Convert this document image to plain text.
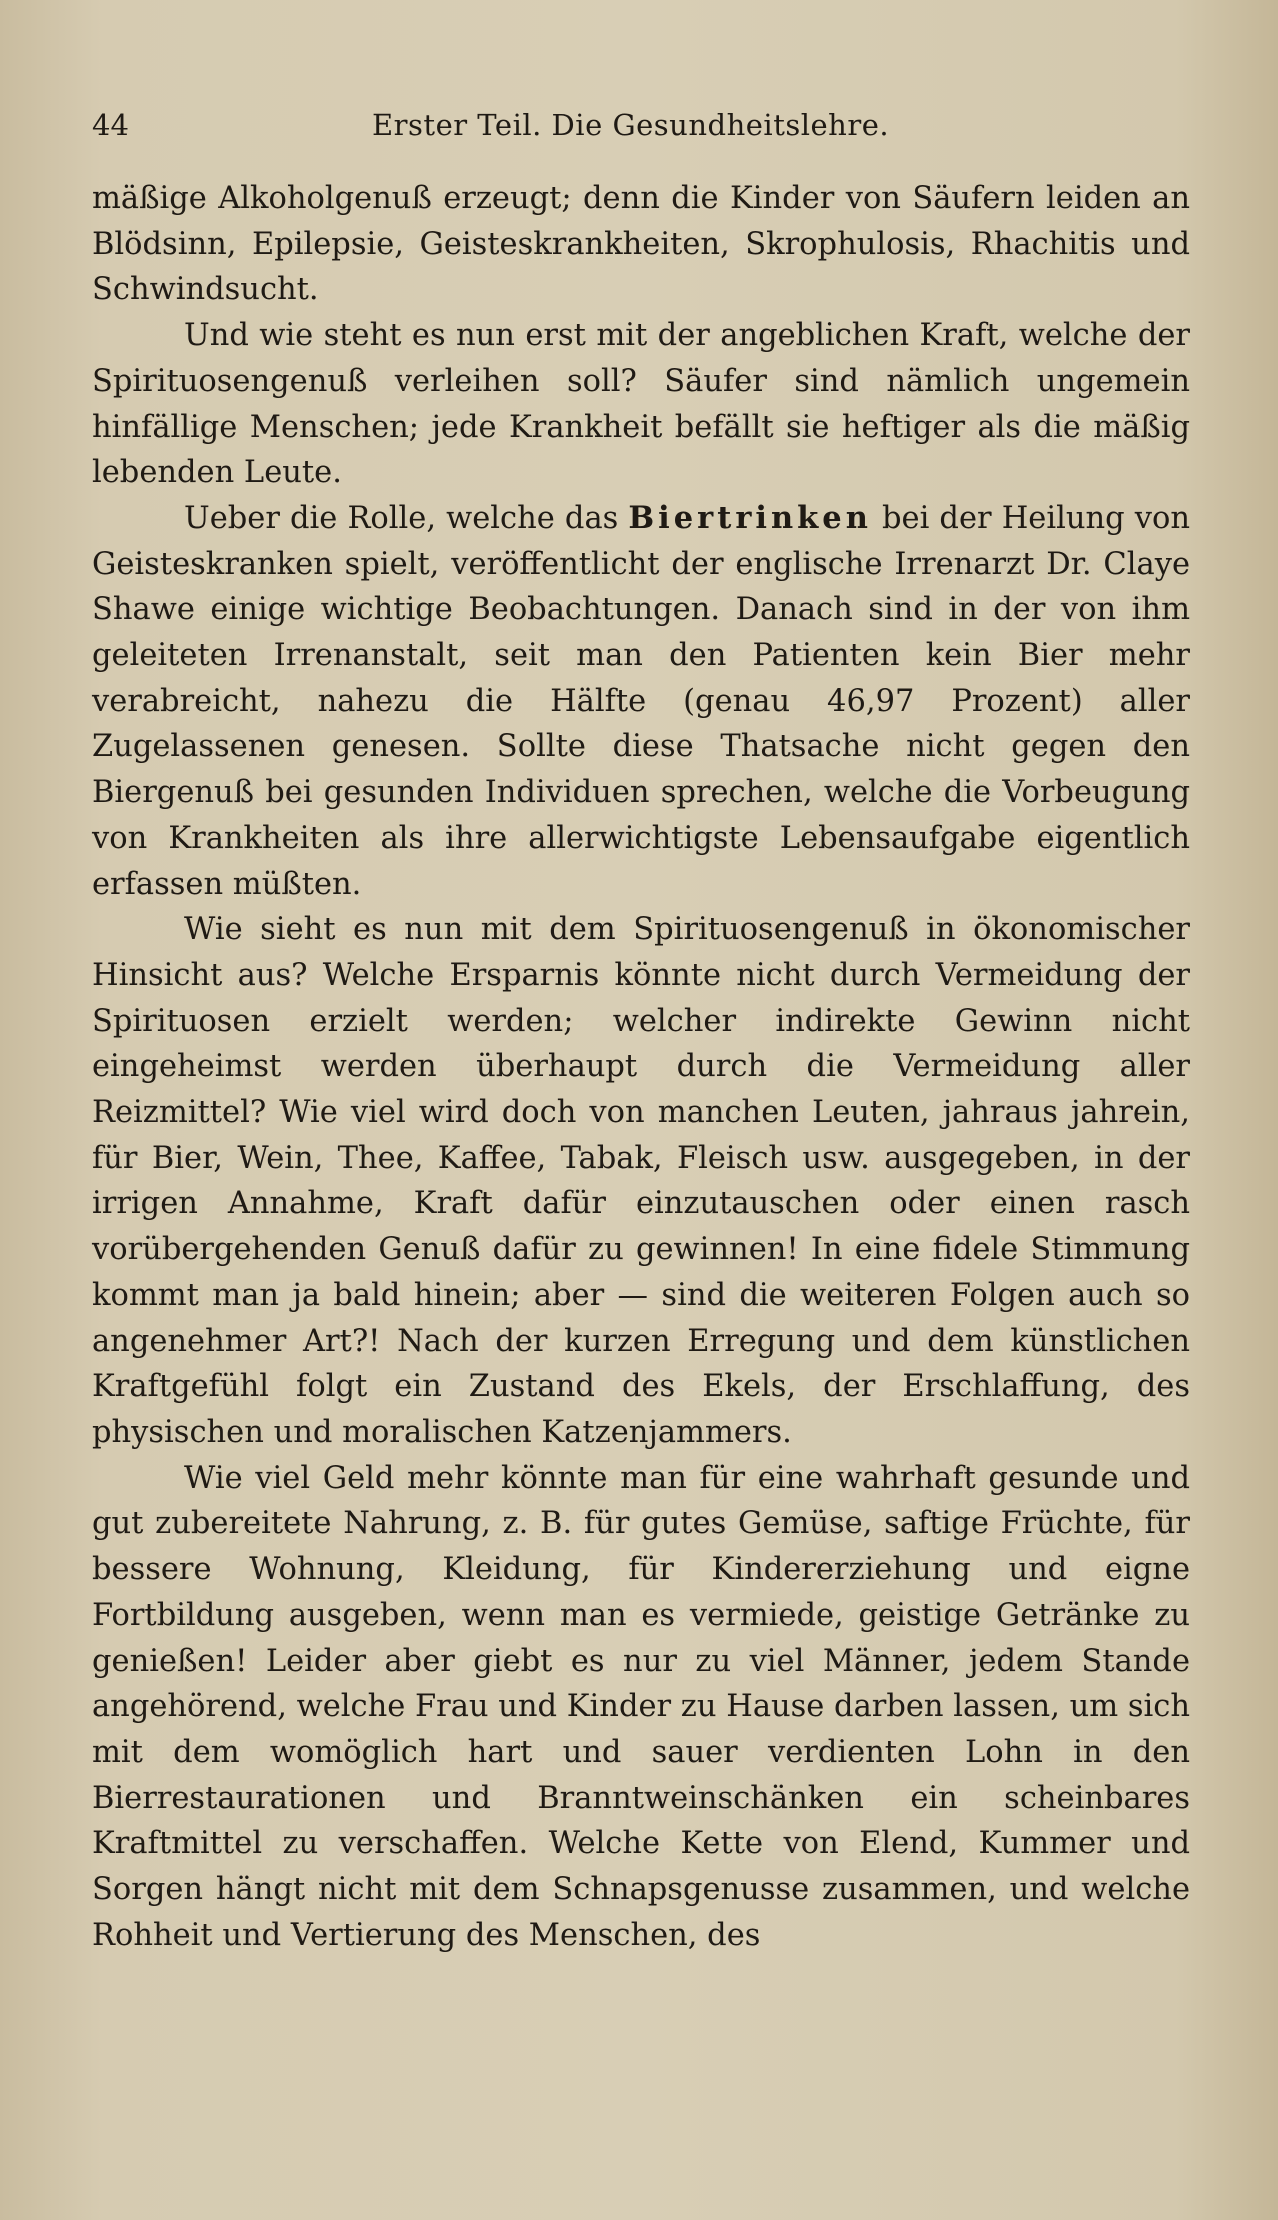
44	Erster Teil. Die Gesundheitslehre.

mäßige Alkoholgenuß erzeugt; denn die Kinder von Säufern leiden an Blödsinn, Epilepsie, Geisteskrankheiten, Skrophulosis, Rhachitis und Schwindsucht.

Und wie steht es nun erst mit der angeblichen Kraft, welche der Spirituosengenuß verleihen soll? Säufer sind nämlich ungemein hinfällige Menschen; jede Krankheit befällt sie heftiger als die mäßig lebenden Leute.

Ueber die Rolle, welche das Biertrinken bei der Heilung von Geisteskranken spielt, veröffentlicht der englische Irrenarzt Dr. Claye Shawe einige wichtige Beobachtungen. Danach sind in der von ihm geleiteten Irrenanstalt, seit man den Patienten kein Bier mehr verabreicht, nahezu die Hälfte (genau 46,97 Prozent) aller Zugelassenen genesen. Sollte diese Thatsache nicht gegen den Biergenuß bei gesunden Individuen sprechen, welche die Vorbeugung von Krankheiten als ihre allerwichtigste Lebensaufgabe eigentlich erfassen müßten.

Wie sieht es nun mit dem Spirituosengenuß in ökonomischer Hinsicht aus? Welche Ersparnis könnte nicht durch Vermeidung der Spirituosen erzielt werden; welcher indirekte Gewinn nicht eingeheimst werden überhaupt durch die Vermeidung aller Reizmittel? Wie viel wird doch von manchen Leuten, jahraus jahrein, für Bier, Wein, Thee, Kaffee, Tabak, Fleisch usw. ausgegeben, in der irrigen Annahme, Kraft dafür einzutauschen oder einen rasch vorübergehenden Genuß dafür zu gewinnen! In eine fidele Stimmung kommt man ja bald hinein; aber — sind die weiteren Folgen auch so angenehmer Art?! Nach der kurzen Erregung und dem künstlichen Kraftgefühl folgt ein Zustand des Ekels, der Erschlaffung, des physischen und moralischen Katzenjammers.

Wie viel Geld mehr könnte man für eine wahrhaft gesunde und gut zubereitete Nahrung, z. B. für gutes Gemüse, saftige Früchte, für bessere Wohnung, Kleidung, für Kindererziehung und eigne Fortbildung ausgeben, wenn man es vermiede, geistige Getränke zu genießen! Leider aber giebt es nur zu viel Männer, jedem Stande angehörend, welche Frau und Kinder zu Hause darben lassen, um sich mit dem womöglich hart und sauer verdienten Lohn in den Bierrestaurationen und Branntweinschänken ein scheinbares Kraftmittel zu verschaffen. Welche Kette von Elend, Kummer und Sorgen hängt nicht mit dem Schnapsgenusse zusammen, und welche Rohheit und Vertierung des Menschen, des
